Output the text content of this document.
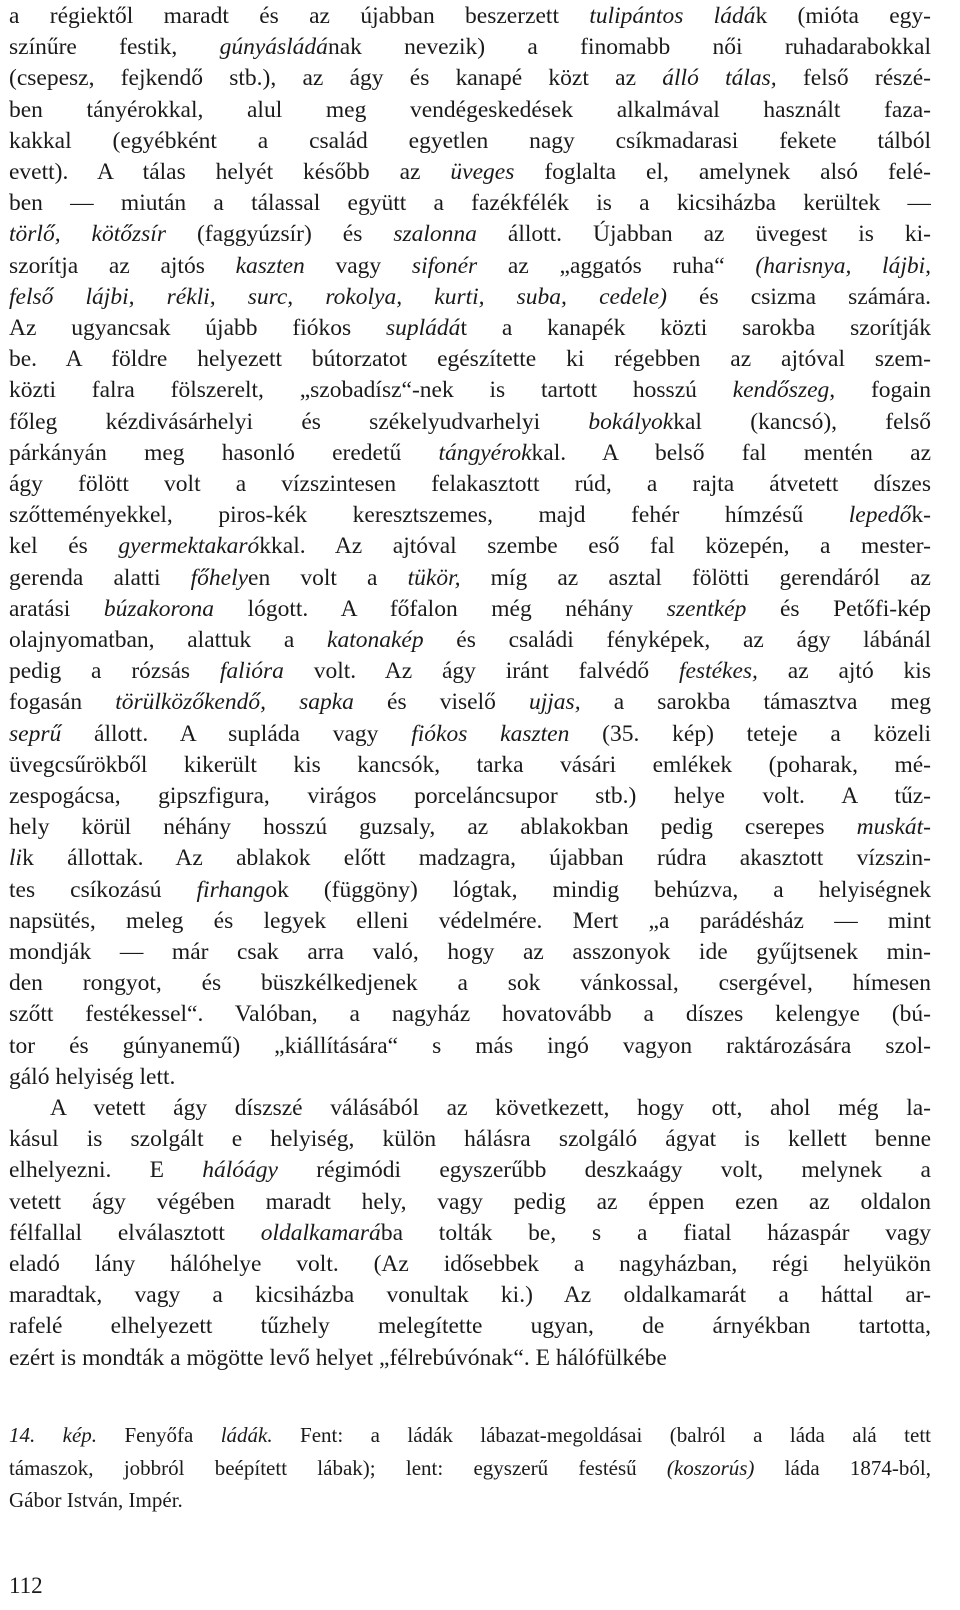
a régiektől maradt és az újabban beszerzett tulipántos ládák (mióta egy-
színűre festik, gúnyásládának nevezik) a finomabb női ruhadarabokkal
(csepesz, fejkendő stb.), az ágy és kanapé közt az álló tálas, felső részé-
ben tányérokkal, alul meg vendégeskedések alkalmával használt faza-
kakkal (egyébként a család egyetlen nagy csíkmadarasi fekete tálból
evett). A tálas helyét később az üveges foglalta el, amelynek alsó felé-
ben — miután a tálassal együtt a fazékfélék is a kicsiházba kerültek —
törlő, kötőzsír (faggyúzsír) és szalonna állott. Újabban az üvegest is ki-
szorítja az ajtós kaszten vagy sifonér az „aggatós ruha“ (harisnya, lájbi,
felső lájbi, rékli, surc, rokolya, kurti, suba, cedele) és csizma számára.
Az ugyancsak újabb fiókos supládát a kanapék közti sarokba szorítják
be. A földre helyezett bútorzatot egészítette ki régebben az ajtóval szem-
közti falra fölszerelt, „szobadísz“-nek is tartott hosszú kendőszeg, fogain
főleg kézdivásárhelyi és székelyudvarhelyi bokályokkal (kancsó), felső
párkányán meg hasonló eredetű tángyérokkal. A belső fal mentén az
ágy fölött volt a vízszintesen felakasztott rúd, a rajta átvetett díszes
szőtteményekkel, piros-kék keresztszemes, majd fehér hímzésű lepedők-
kel és gyermektakarókkal. Az ajtóval szembe eső fal közepén, a mester-
gerenda alatti főhelyen volt a tükör, míg az asztal fölötti gerendáról az
aratási búzakorona lógott. A főfalon még néhány szentkép és Petőfi-kép
olajnyomatban, alattuk a katonakép és családi fényképek, az ágy lábánál
pedig a rózsás falióra volt. Az ágy iránt falvédő festékes, az ajtó kis
fogasán törülközőkendő, sapka és viselő ujjas, a sarokba támasztva meg
seprű állott. A supláda vagy fiókos kaszten (35. kép) teteje a közeli
üvegcsűrökből kikerült kis kancsók, tarka vásári emlékek (poharak, mé-
zespogácsa, gipszfigura, virágos porceláncsupor stb.) helye volt. A tűz-
hely körül néhány hosszú guzsaly, az ablakokban pedig cserepes muskát-
lik állottak. Az ablakok előtt madzagra, újabban rúdra akasztott vízszin-
tes csíkozású firhangok (függöny) lógtak, mindig behúzva, a helyiségnek
napsütés, meleg és legyek elleni védelmére. Mert „a parádésház — mint
mondják — már csak arra való, hogy az asszonyok ide gyűjtsenek min-
den rongyot, és büszkélkedjenek a sok vánkossal, csergével, hímesen
szőtt festékessel“. Valóban, a nagyház hovatovább a díszes kelengye (bú-
tor és gúnyanemű) „kiállítására“ s más ingó vagyon raktározására szol-
gáló helyiség lett.
A vetett ágy díszszé válásából az következett, hogy ott, ahol még la-
kásul is szolgált e helyiség, külön hálásra szolgáló ágyat is kellett benne
elhelyezni. E hálóágy régimódi egyszerűbb deszkaágy volt, melynek a
vetett ágy végében maradt hely, vagy pedig az éppen ezen az oldalon
félfallal elválasztott oldalkamarába tolták be, s a fiatal házaspár vagy
eladó lány hálóhelye volt. (Az idősebbek a nagyházban, régi helyükön
maradtak, vagy a kicsiházba vonultak ki.) Az oldalkamarát a háttal ar-
rafelé elhelyezett tűzhely melegítette ugyan, de árnyékban tartotta,
ezért is mondták a mögötte levő helyet „félrebúvónak“. E hálófülkébe
14. kép. Fenyőfa ládák. Fent: a ládák lábazat-megoldásai (balról a láda alá tett
támaszok, jobbról beépített lábak); lent: egyszerű festésű (koszorús) láda 1874-ból,
Gábor István, Impér.
112
